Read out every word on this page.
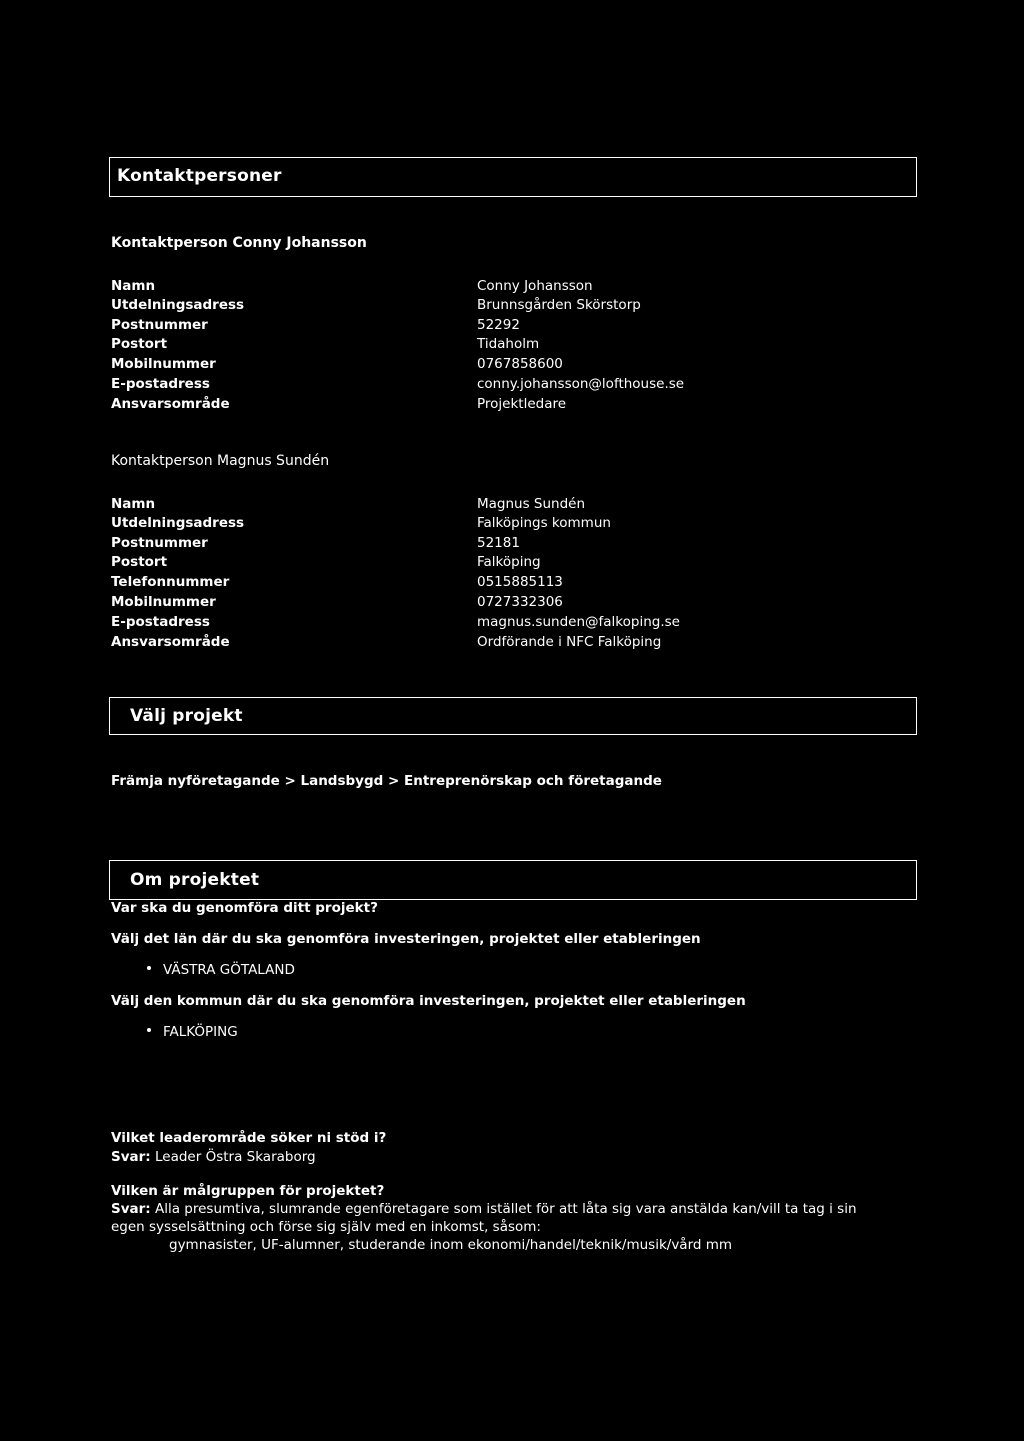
Kontaktpersoner
Kontaktperson Conny Johansson
Namn	Conny Johansson
Utdelningsadress	Brunnsgården Skörstorp
Postnummer	52292
Postort	Tidaholm
Mobilnummer	0767858600
E-postadress	conny.johansson@lofthouse.se
Ansvarsområde	Projektledare
Kontaktperson Magnus Sundén
Namn	Magnus Sundén
Utdelningsadress	Falköpings kommun
Postnummer	52181
Postort	Falköping
Telefonnummer	0515885113
Mobilnummer	0727332306
E-postadress	magnus.sunden@falkoping.se
Ansvarsområde	Ordförande i NFC Falköping
Välj projekt
Främja nyföretagande > Landsbygd > Entreprenörskap och företagande
Om projektet
Var ska du genomföra ditt projekt?
Välj det län där du ska genomföra investeringen, projektet eller etableringen
VÄSTRA GÖTALAND
Välj den kommun där du ska genomföra investeringen, projektet eller etableringen
FALKÖPING
Vilket leaderområde söker ni stöd i?
Svar: Leader Östra Skaraborg
Vilken är målgruppen för projektet?
Svar: Alla presumtiva, slumrande egenföretagare som istället för att låta sig vara anstälda kan/vill ta tag i sin
egen sysselsättning och förse sig själv med en inkomst, såsom:
gymnasister, UF-alumner, studerande inom ekonomi/handel/teknik/musik/vård mm
